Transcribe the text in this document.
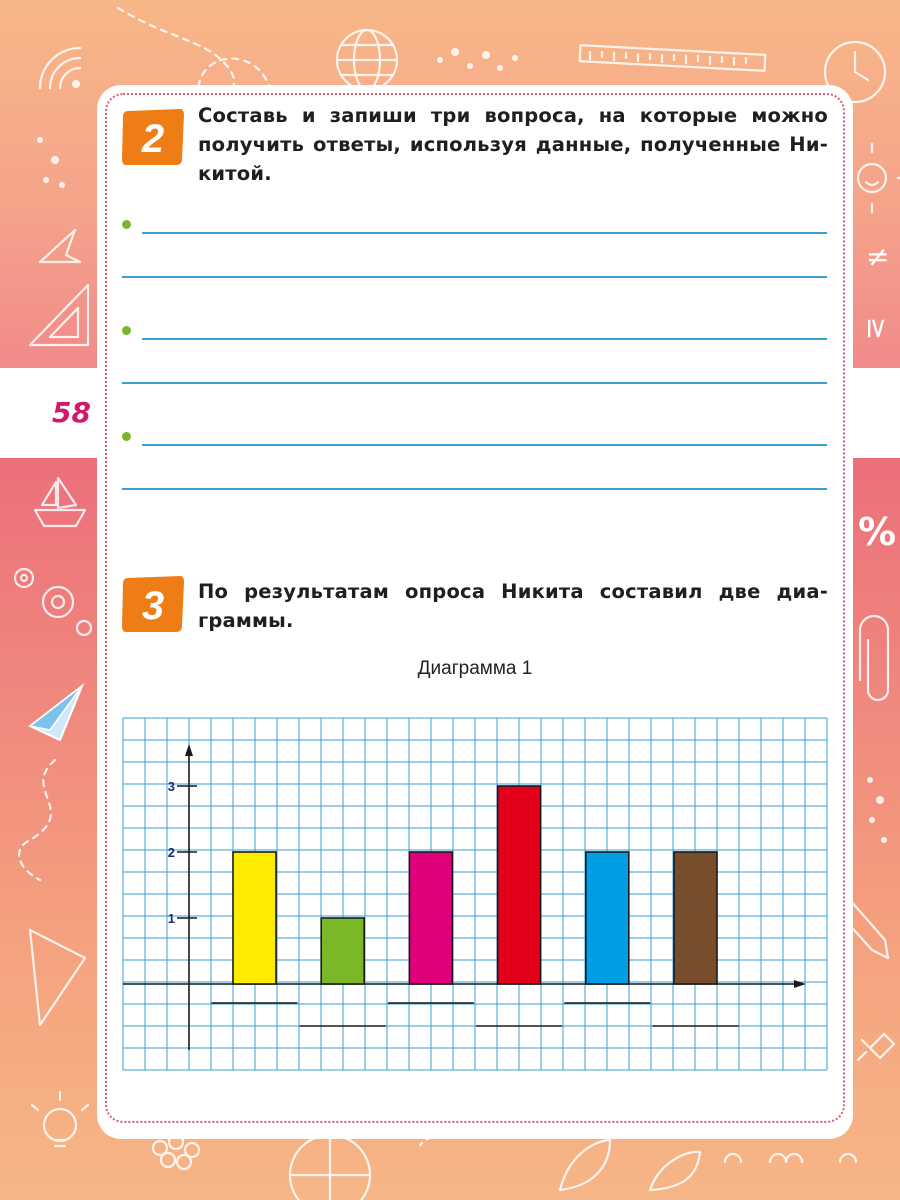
≠
≥
%
58
2
Составь и запиши три вопроса, на которые можно
получить ответы, используя данные, полученные Ни-
китой.
3 По результатам опроса Никита составил две диа-
граммы.
Диаграмма 1
1
2
3
